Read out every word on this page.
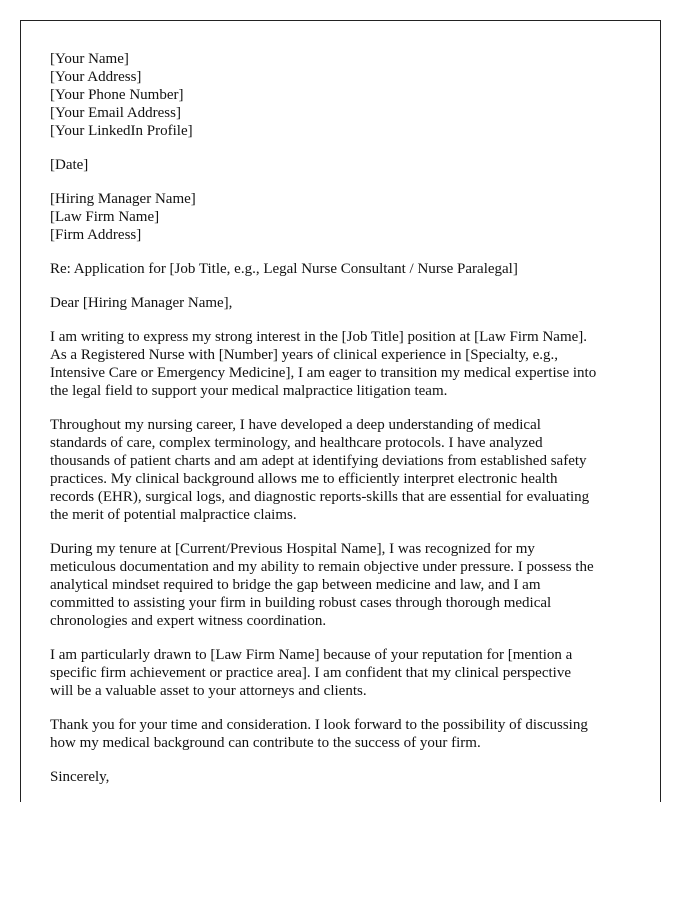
[Your Name]
[Your Address]
[Your Phone Number]
[Your Email Address]
[Your LinkedIn Profile]
[Date]
[Hiring Manager Name]
[Law Firm Name]
[Firm Address]

Re: Application for [Job Title, e.g., Legal Nurse Consultant / Nurse Paralegal]

Dear [Hiring Manager Name],

I am writing to express my strong interest in the [Job Title] position at [Law Firm Name].
As a Registered Nurse with [Number] years of clinical experience in [Specialty, e.g.,
Intensive Care or Emergency Medicine], I am eager to transition my medical expertise into
the legal field to support your medical malpractice litigation team.

Throughout my nursing career, I have developed a deep understanding of medical
standards of care, complex terminology, and healthcare protocols. I have analyzed
thousands of patient charts and am adept at identifying deviations from established safety
practices. My clinical background allows me to efficiently interpret electronic health
records (EHR), surgical logs, and diagnostic reports-skills that are essential for evaluating
the merit of potential malpractice claims.

During my tenure at [Current/Previous Hospital Name], I was recognized for my
meticulous documentation and my ability to remain objective under pressure. I possess the
analytical mindset required to bridge the gap between medicine and law, and I am
committed to assisting your firm in building robust cases through thorough medical
chronologies and expert witness coordination.

I am particularly drawn to [Law Firm Name] because of your reputation for [mention a
specific firm achievement or practice area]. I am confident that my clinical perspective
will be a valuable asset to your attorneys and clients.

Thank you for your time and consideration. I look forward to the possibility of discussing
how my medical background can contribute to the success of your firm.

Sincerely,
